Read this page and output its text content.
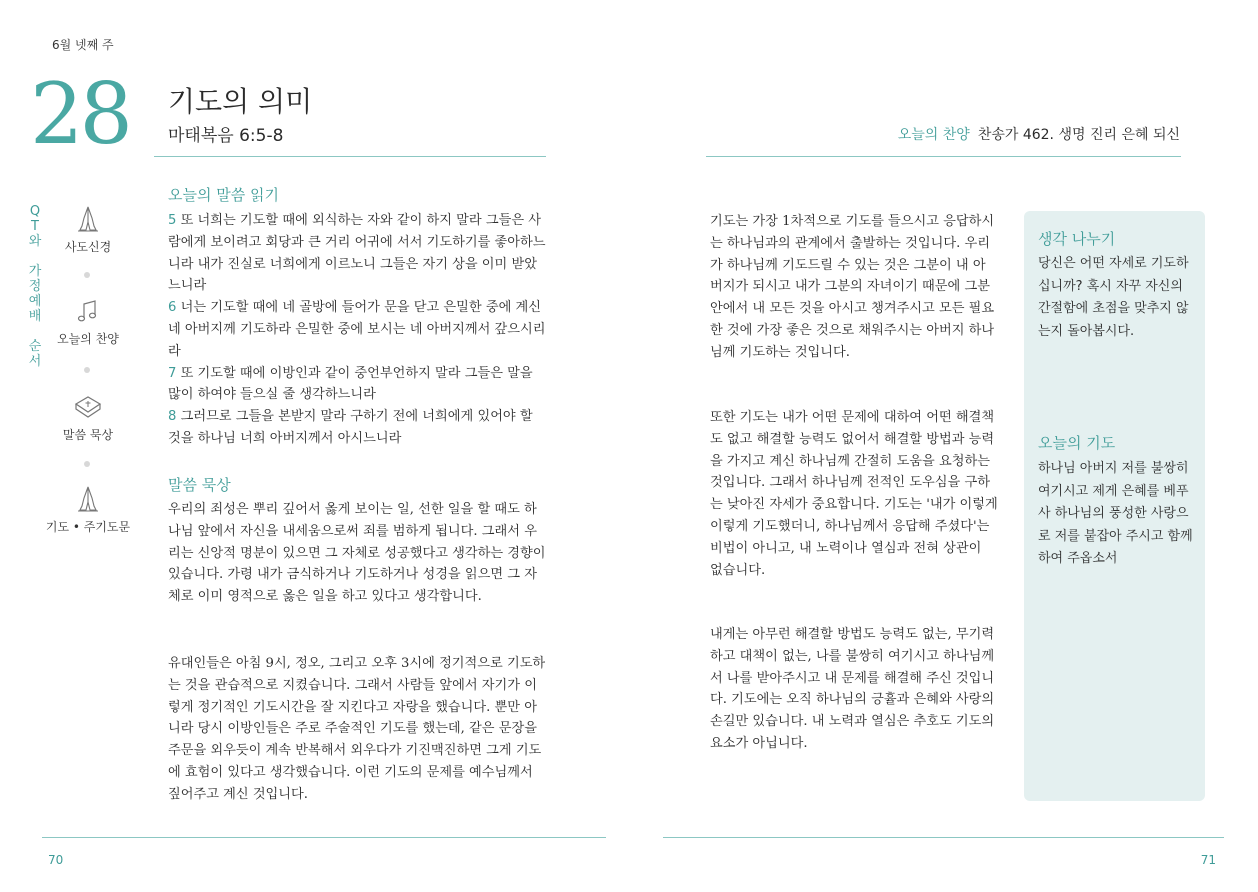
6월 넷째 주
28 기도의 의미
마태복음 6:5-8	오늘의 찬양 찬송가 462. 생명 진리 은혜 되신
Q
T
와
가
정
예
배
순
서
사도신경
오늘의 찬양
말씀 묵상
기도 • 주기도문
오늘의 말씀 읽기
5 또 너희는 기도할 때에 외식하는 자와 같이 하지 말라 그들은 사람에게 보이려고 회당과 큰 거리 어귀에 서서 기도하기를 좋아하느니라 내가 진실로 너희에게 이르노니 그들은 자기 상을 이미 받았느니라
6 너는 기도할 때에 네 골방에 들어가 문을 닫고 은밀한 중에 계신 네 아버지께 기도하라 은밀한 중에 보시는 네 아버지께서 갚으시리라
7 또 기도할 때에 이방인과 같이 중언부언하지 말라 그들은 말을 많이 하여야 들으실 줄 생각하느니라
8 그러므로 그들을 본받지 말라 구하기 전에 너희에게 있어야 할 것을 하나님 너희 아버지께서 아시느니라
말씀 묵상
우리의 죄성은 뿌리 깊어서 옳게 보이는 일, 선한 일을 할 때도 하나님 앞에서 자신을 내세움으로써 죄를 범하게 됩니다. 그래서 우리는 신앙적 명분이 있으면 그 자체로 성공했다고 생각하는 경향이 있습니다. 가령 내가 금식하거나 기도하거나 성경을 읽으면 그 자체로 이미 영적으로 옳은 일을 하고 있다고 생각합니다.
유대인들은 아침 9시, 정오, 그리고 오후 3시에 정기적으로 기도하는 것을 관습적으로 지켰습니다. 그래서 사람들 앞에서 자기가 이렇게 정기적인 기도시간을 잘 지킨다고 자랑을 했습니다. 뿐만 아니라 당시 이방인들은 주로 주술적인 기도를 했는데, 같은 문장을 주문을 외우듯이 계속 반복해서 외우다가 기진맥진하면 그게 기도에 효험이 있다고 생각했습니다. 이런 기도의 문제를 예수님께서 짚어주고 계신 것입니다.
기도는 가장 1차적으로 기도를 들으시고 응답하시는 하나님과의 관계에서 출발하는 것입니다. 우리가 하나님께 기도드릴 수 있는 것은 그분이 내 아버지가 되시고 내가 그분의 자녀이기 때문에 그분 안에서 내 모든 것을 아시고 챙겨주시고 모든 필요한 것에 가장 좋은 것으로 채워주시는 아버지 하나님께 기도하는 것입니다.
또한 기도는 내가 어떤 문제에 대하여 어떤 해결책도 없고 해결할 능력도 없어서 해결할 방법과 능력을 가지고 계신 하나님께 간절히 도움을 요청하는 것입니다. 그래서 하나님께 전적인 도우심을 구하는 낮아진 자세가 중요합니다. 기도는 '내가 이렇게 이렇게 기도했더니, 하나님께서 응답해 주셨다'는 비법이 아니고, 내 노력이나 열심과 전혀 상관이 없습니다.
내게는 아무런 해결할 방법도 능력도 없는, 무기력하고 대책이 없는, 나를 불쌍히 여기시고 하나님께서 나를 받아주시고 내 문제를 해결해 주신 것입니다. 기도에는 오직 하나님의 긍휼과 은혜와 사랑의 손길만 있습니다. 내 노력과 열심은 추호도 기도의 요소가 아닙니다.
생각 나누기
당신은 어떤 자세로 기도하십니까? 혹시 자꾸 자신의 간절함에 초점을 맞추지 않는지 돌아봅시다.
오늘의 기도
하나님 아버지 저를 불쌍히 여기시고 제게 은혜를 베푸사 하나님의 풍성한 사랑으로 저를 붙잡아 주시고 함께 하여 주옵소서
70	71
